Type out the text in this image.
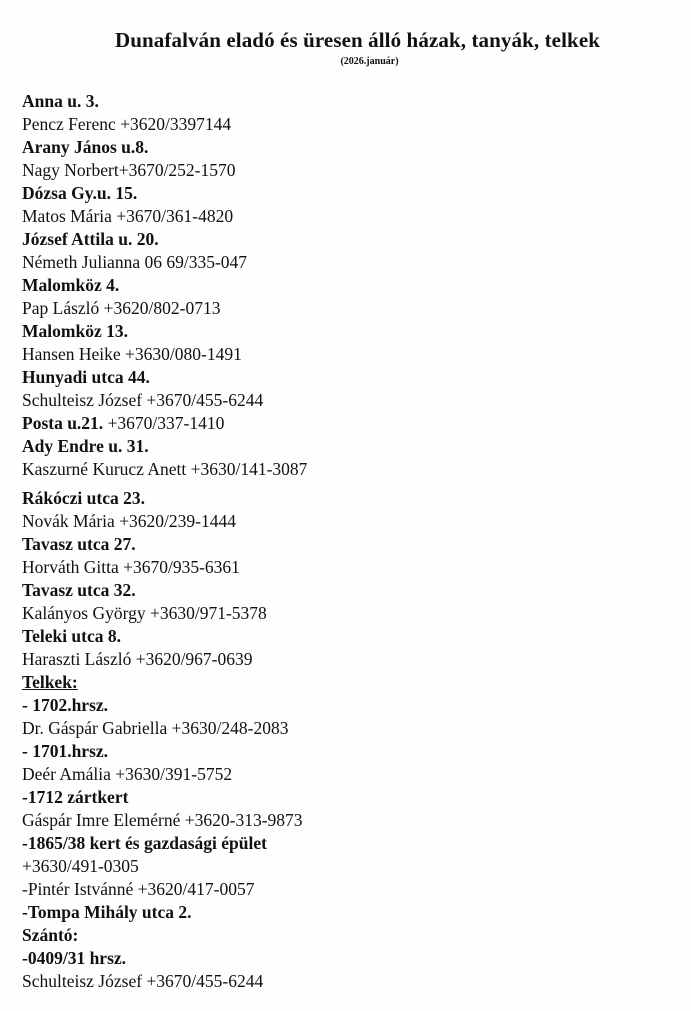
Dunafalván eladó és üresen álló házak, tanyák, telkek
(2026.január)
Anna u. 3.
Pencz Ferenc +3620/3397144
Arany János u.8.
Nagy Norbert+3670/252-1570
Dózsa Gy.u. 15.
Matos Mária +3670/361-4820
József Attila u. 20.
Németh Julianna 06 69/335-047
Malomköz 4.
Pap László +3620/802-0713
Malomköz 13.
Hansen Heike +3630/080-1491
Hunyadi utca 44.
Schulteisz József +3670/455-6244
Posta u.21. +3670/337-1410
Ady Endre u. 31.
Kaszurné Kurucz Anett +3630/141-3087
Rákóczi utca 23.
Novák Mária +3620/239-1444
Tavasz utca 27.
Horváth Gitta +3670/935-6361
Tavasz utca 32.
Kalányos György +3630/971-5378
Teleki utca 8.
Haraszti László +3620/967-0639
Telkek:
- 1702.hrsz.
Dr. Gáspár Gabriella +3630/248-2083
- 1701.hrsz.
Deér Amália +3630/391-5752
-1712 zártkert
Gáspár Imre Elemérné +3620-313-9873
-1865/38 kert és gazdasági épület
+3630/491-0305
-Pintér Istvánné +3620/417-0057
-Tompa Mihály utca 2.
Szántó:
-0409/31 hrsz.
Schulteisz József +3670/455-6244
